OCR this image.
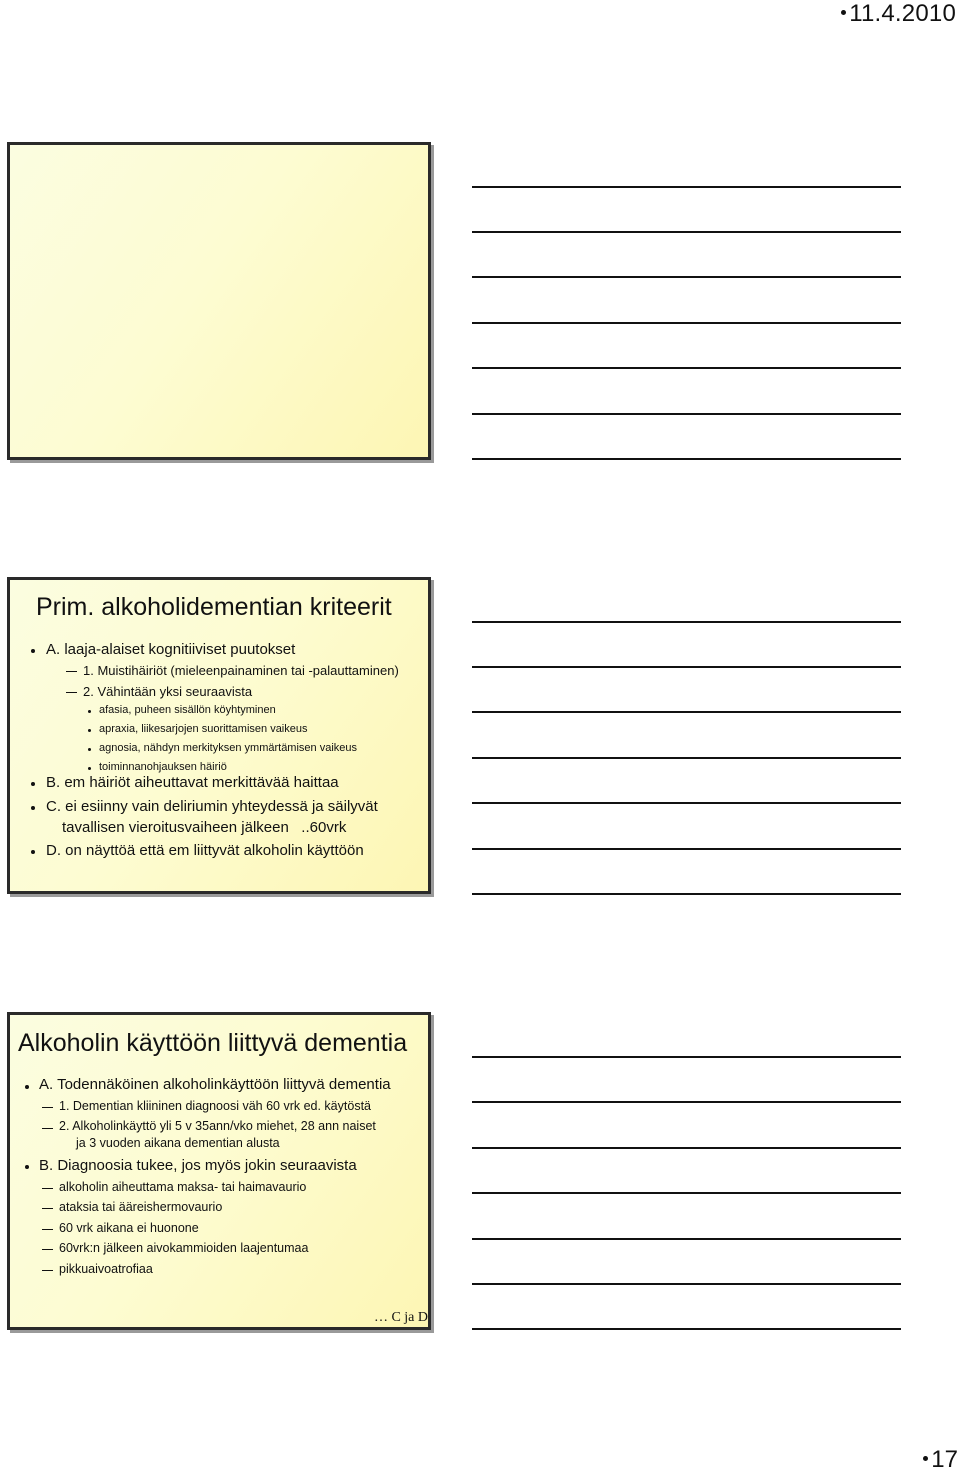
11.4.2010
Prim. alkoholidementian kriteerit
A. laaja-alaiset kognitiiviset puutokset
1. Muistihäiriöt (mieleenpainaminen tai -palauttaminen)
2. Vähintään yksi seuraavista
afasia, puheen sisällön köyhtyminen
apraxia, liikesarjojen suorittamisen vaikeus
agnosia, nähdyn merkityksen ymmärtämisen vaikeus
toiminnanohjauksen häiriö
B. em häiriöt aiheuttavat merkittävää haittaa
C. ei esiinny vain deliriumin yhteydessä ja säilyvät
tavallisen vieroitusvaiheen jälkeen   ..60vrk
D. on näyttöä että em liittyvät alkoholin käyttöön
Alkoholin käyttöön liittyvä dementia
A. Todennäköinen alkoholinkäyttöön liittyvä dementia
1. Dementian kliininen diagnoosi väh 60 vrk ed. käytöstä
2. Alkoholinkäyttö yli 5 v 35ann/vko miehet, 28 ann naiset
ja 3 vuoden aikana dementian alusta
B. Diagnoosia tukee, jos myös jokin seuraavista
alkoholin aiheuttama maksa- tai haimavaurio
ataksia tai ääreishermovaurio
60 vrk aikana ei huonone
60vrk:n jälkeen aivokammioiden laajentumaa
pikkuaivoatrofiaa
… C ja D
17
